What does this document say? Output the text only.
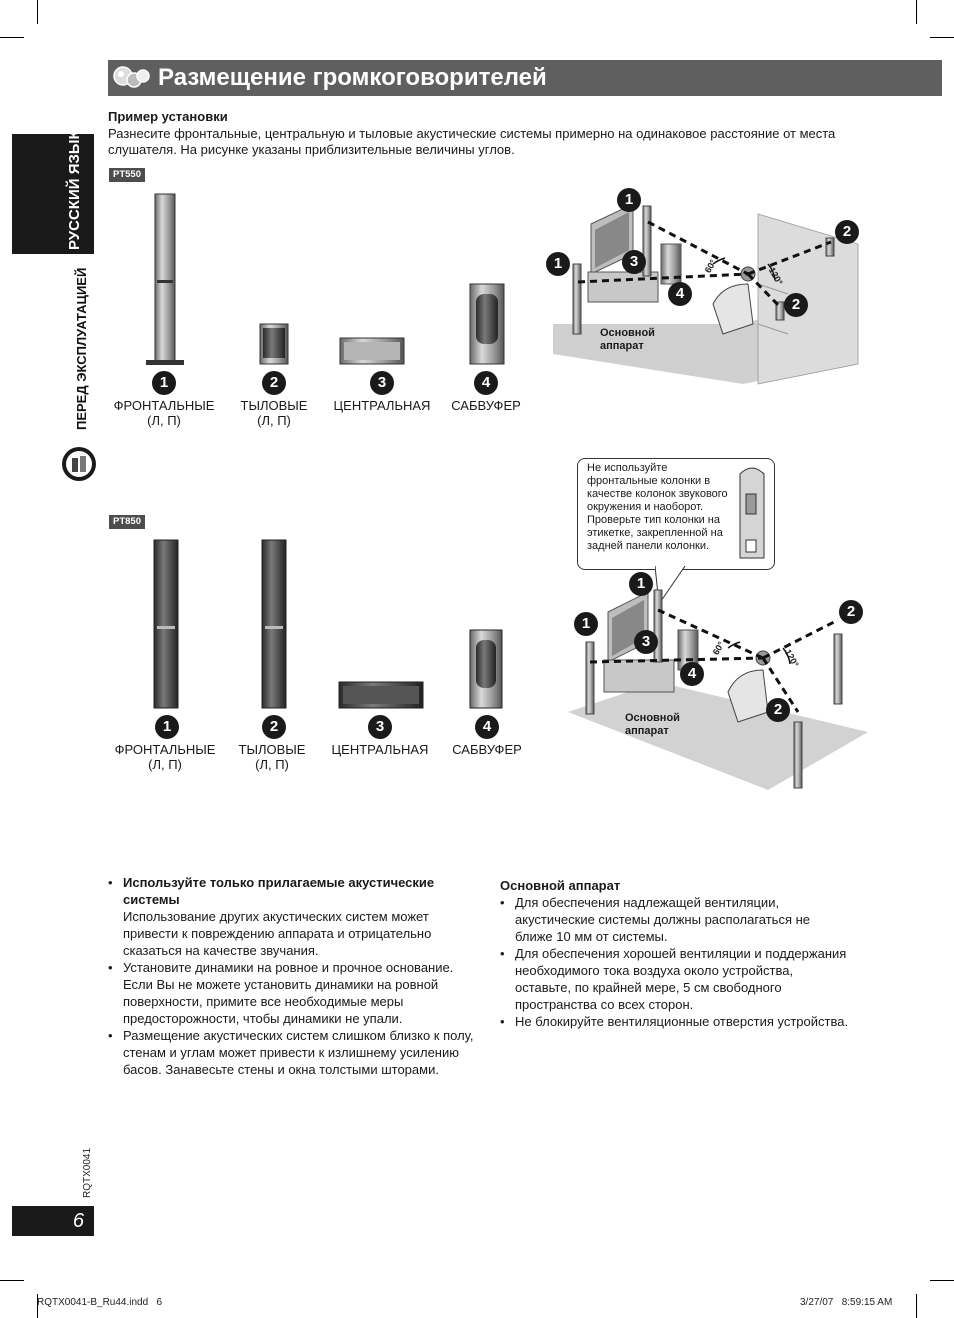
Размещение громкоговорителей
РУССКИЙ ЯЗЫК
ПЕРЕД ЭКСПЛУАТАЦИЕЙ
RQTX0041
6
Пример установки
Разнесите фронтальные, центральную и тыловые акустические системы примерно на одинаковое расстояние от места слушателя. На рисунке указаны приблизительные величины углов.
PT550
1	2	3	4
ФРОНТАЛЬНЫЕ
(Л, П)
ТЫЛОВЫЕ
(Л, П)
ЦЕНТРАЛЬНАЯ	САБВУФЕР
1
1
2
2
3
4
60°	120°
Основной
аппарат
Не используйте фронтальные колонки в качестве колонок звукового окружения и наоборот. Проверьте тип колонки на этикетке, закрепленной на задней панели колонки.
PT850
1	2	3	4
ФРОНТАЛЬНЫЕ
(Л, П)
ТЫЛОВЫЕ
(Л, П)
ЦЕНТРАЛЬНАЯ	САБВУФЕР
1
1
2
2
3
4
60°	120°
Основной
аппарат
• Используйте только прилагаемые акустические системы
Использование других акустических систем может привести к повреждению аппарата и отрицательно сказаться на качестве звучания.
• Установите динамики на ровное и прочное основание. Если Вы не можете установить динамики на ровной поверхности, примите все необходимые меры предосторожности, чтобы динамики не упали.
• Размещение акустических систем слишком близко к полу, стенам и углам может привести к излишнему усилению басов. Занавесьте стены и окна толстыми шторами.
Основной аппарат
• Для обеспечения надлежащей вентиляции, акустические системы должны располагаться не ближе 10 мм от системы.
• Для обеспечения хорошей вентиляции и поддержания необходимого тока воздуха около устройства, оставьте, по крайней мере, 5 см свободного пространства со всех сторон.
• Не блокируйте вентиляционные отверстия устройства.
RQTX0041-B_Ru44.indd   6	3/27/07   8:59:15 AM
